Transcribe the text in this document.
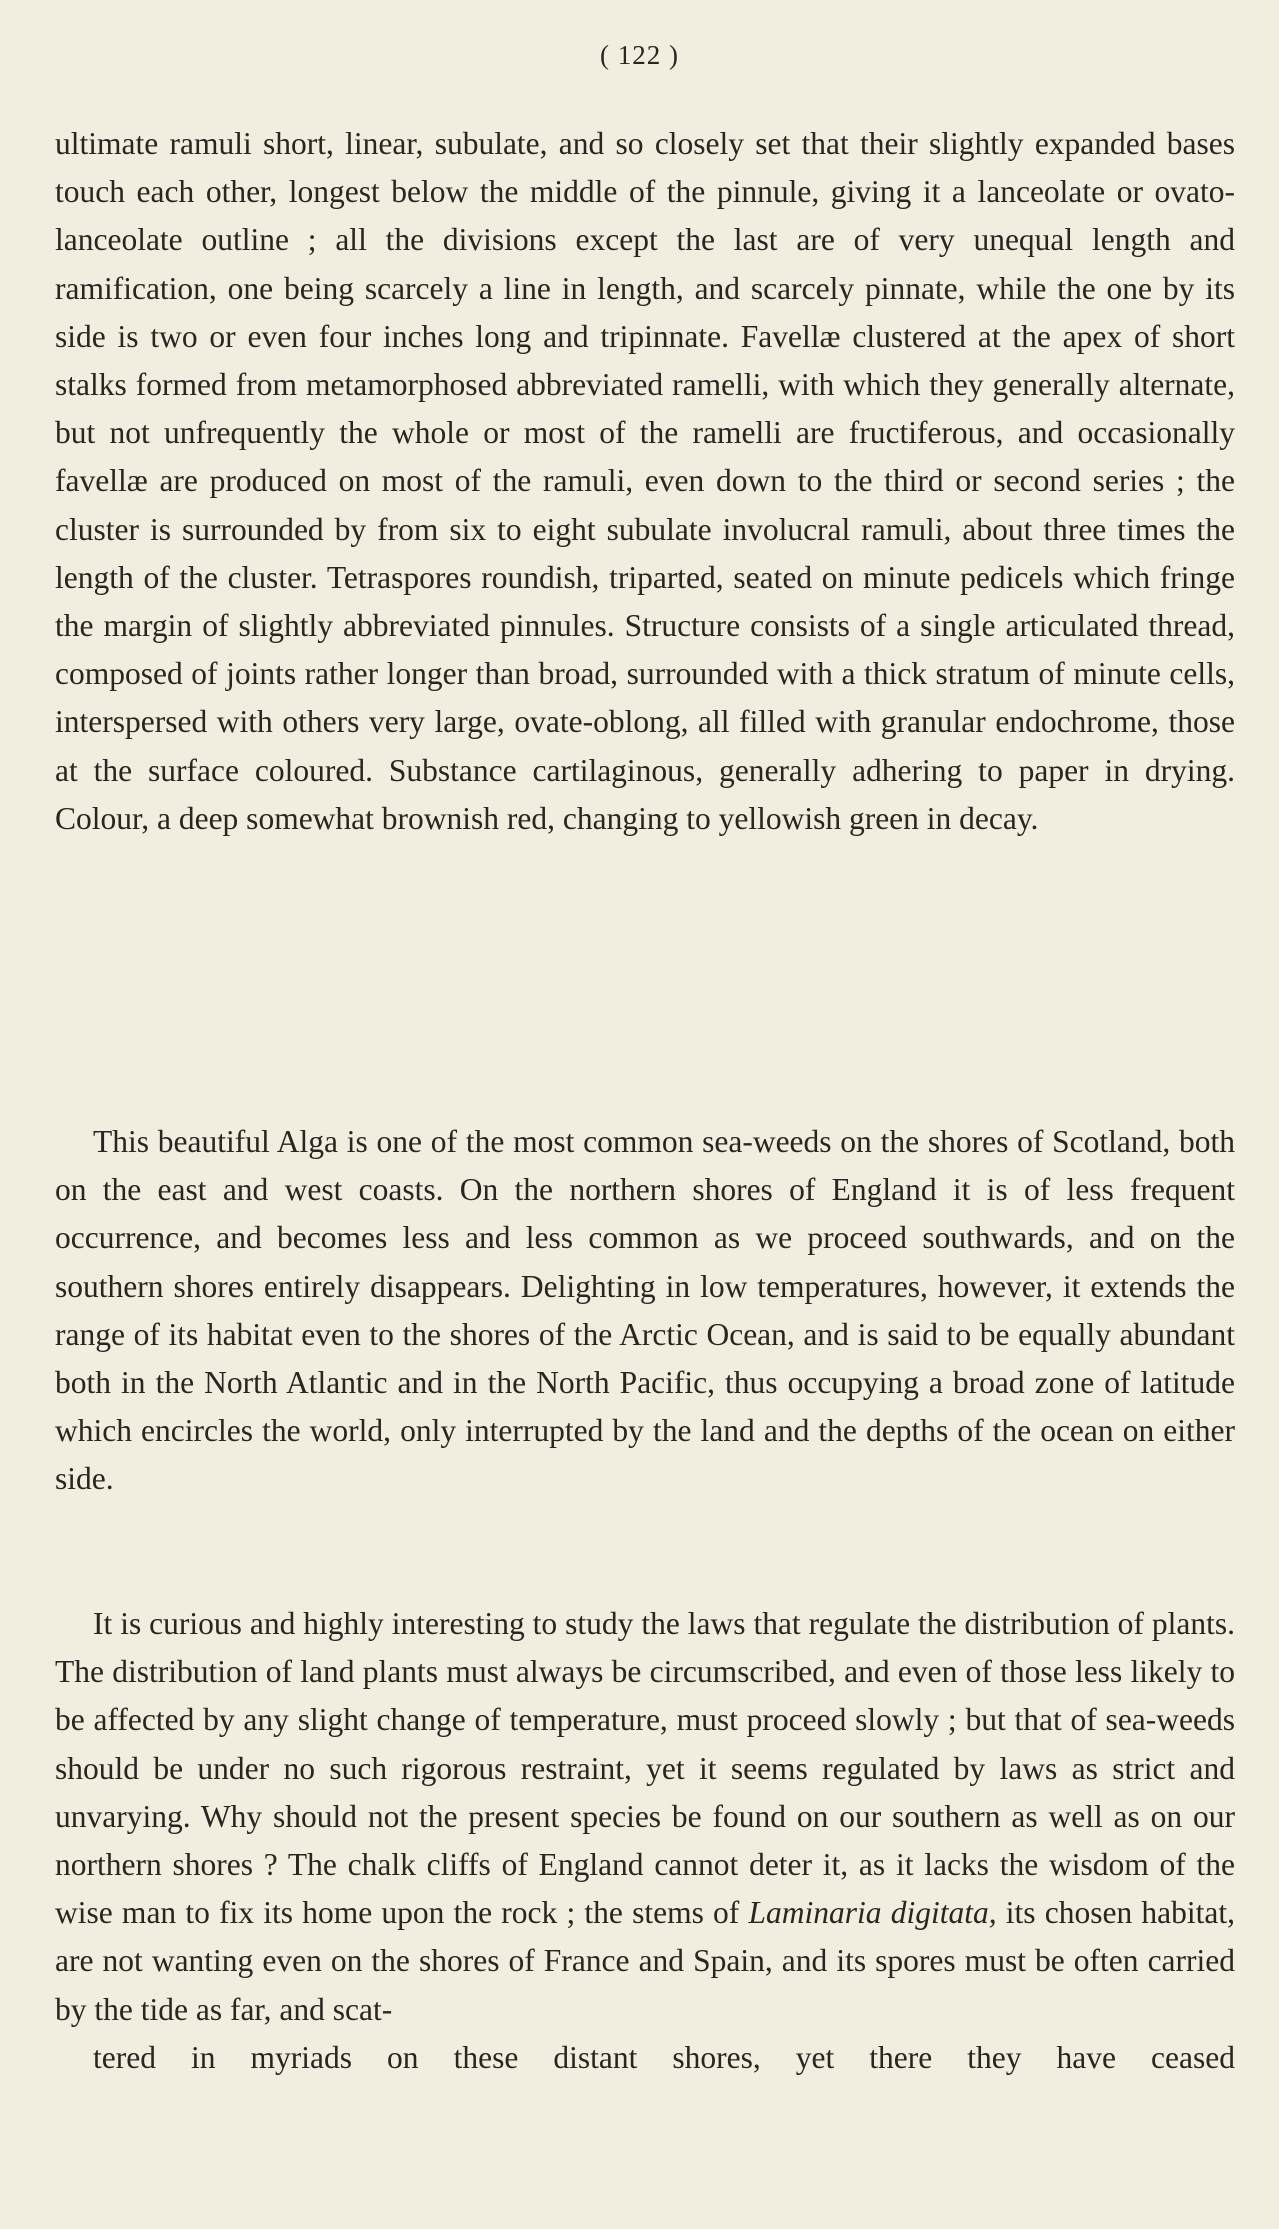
( 122 )

ultimate ramuli short, linear, subulate, and so closely set that their slightly expanded bases touch each other, longest below the middle of the pinnule, giving it a lanceolate or ovato-lanceolate outline ; all the divisions except the last are of very unequal length and ramification, one being scarcely a line in length, and scarcely pinnate, while the one by its side is two or even four inches long and tripinnate. Favellæ clustered at the apex of short stalks formed from metamorphosed abbreviated ramelli, with which they generally alternate, but not unfrequently the whole or most of the ramelli are fructiferous, and occasionally favellæ are produced on most of the ramuli, even down to the third or second series ; the cluster is surrounded by from six to eight subulate involucral ramuli, about three times the length of the cluster. Tetraspores roundish, triparted, seated on minute pedicels which fringe the margin of slightly abbreviated pinnules. Structure consists of a single articulated thread, composed of joints rather longer than broad, surrounded with a thick stratum of minute cells, interspersed with others very large, ovate-oblong, all filled with granular endochrome, those at the surface coloured. Substance cartilaginous, generally adhering to paper in drying. Colour, a deep somewhat brownish red, changing to yellowish green in decay.

This beautiful Alga is one of the most common sea-weeds on the shores of Scotland, both on the east and west coasts. On the northern shores of England it is of less frequent occurrence, and becomes less and less common as we proceed southwards, and on the southern shores entirely disappears. Delighting in low temperatures, however, it extends the range of its habitat even to the shores of the Arctic Ocean, and is said to be equally abundant both in the North Atlantic and in the North Pacific, thus occupying a broad zone of latitude which encircles the world, only interrupted by the land and the depths of the ocean on either side.

It is curious and highly interesting to study the laws that regulate the distribution of plants. The distribution of land plants must always be circumscribed, and even of those less likely to be affected by any slight change of temperature, must proceed slowly ; but that of sea-weeds should be under no such rigorous restraint, yet it seems regulated by laws as strict and unvarying. Why should not the present species be found on our southern as well as on our northern shores ? The chalk cliffs of England cannot deter it, as it lacks the wisdom of the wise man to fix its home upon the rock ; the stems of Laminaria digitata, its chosen habitat, are not wanting even on the shores of France and Spain, and its spores must be often carried by the tide as far, and scat-
tered in myriads on these distant shores, yet there they have ceased
